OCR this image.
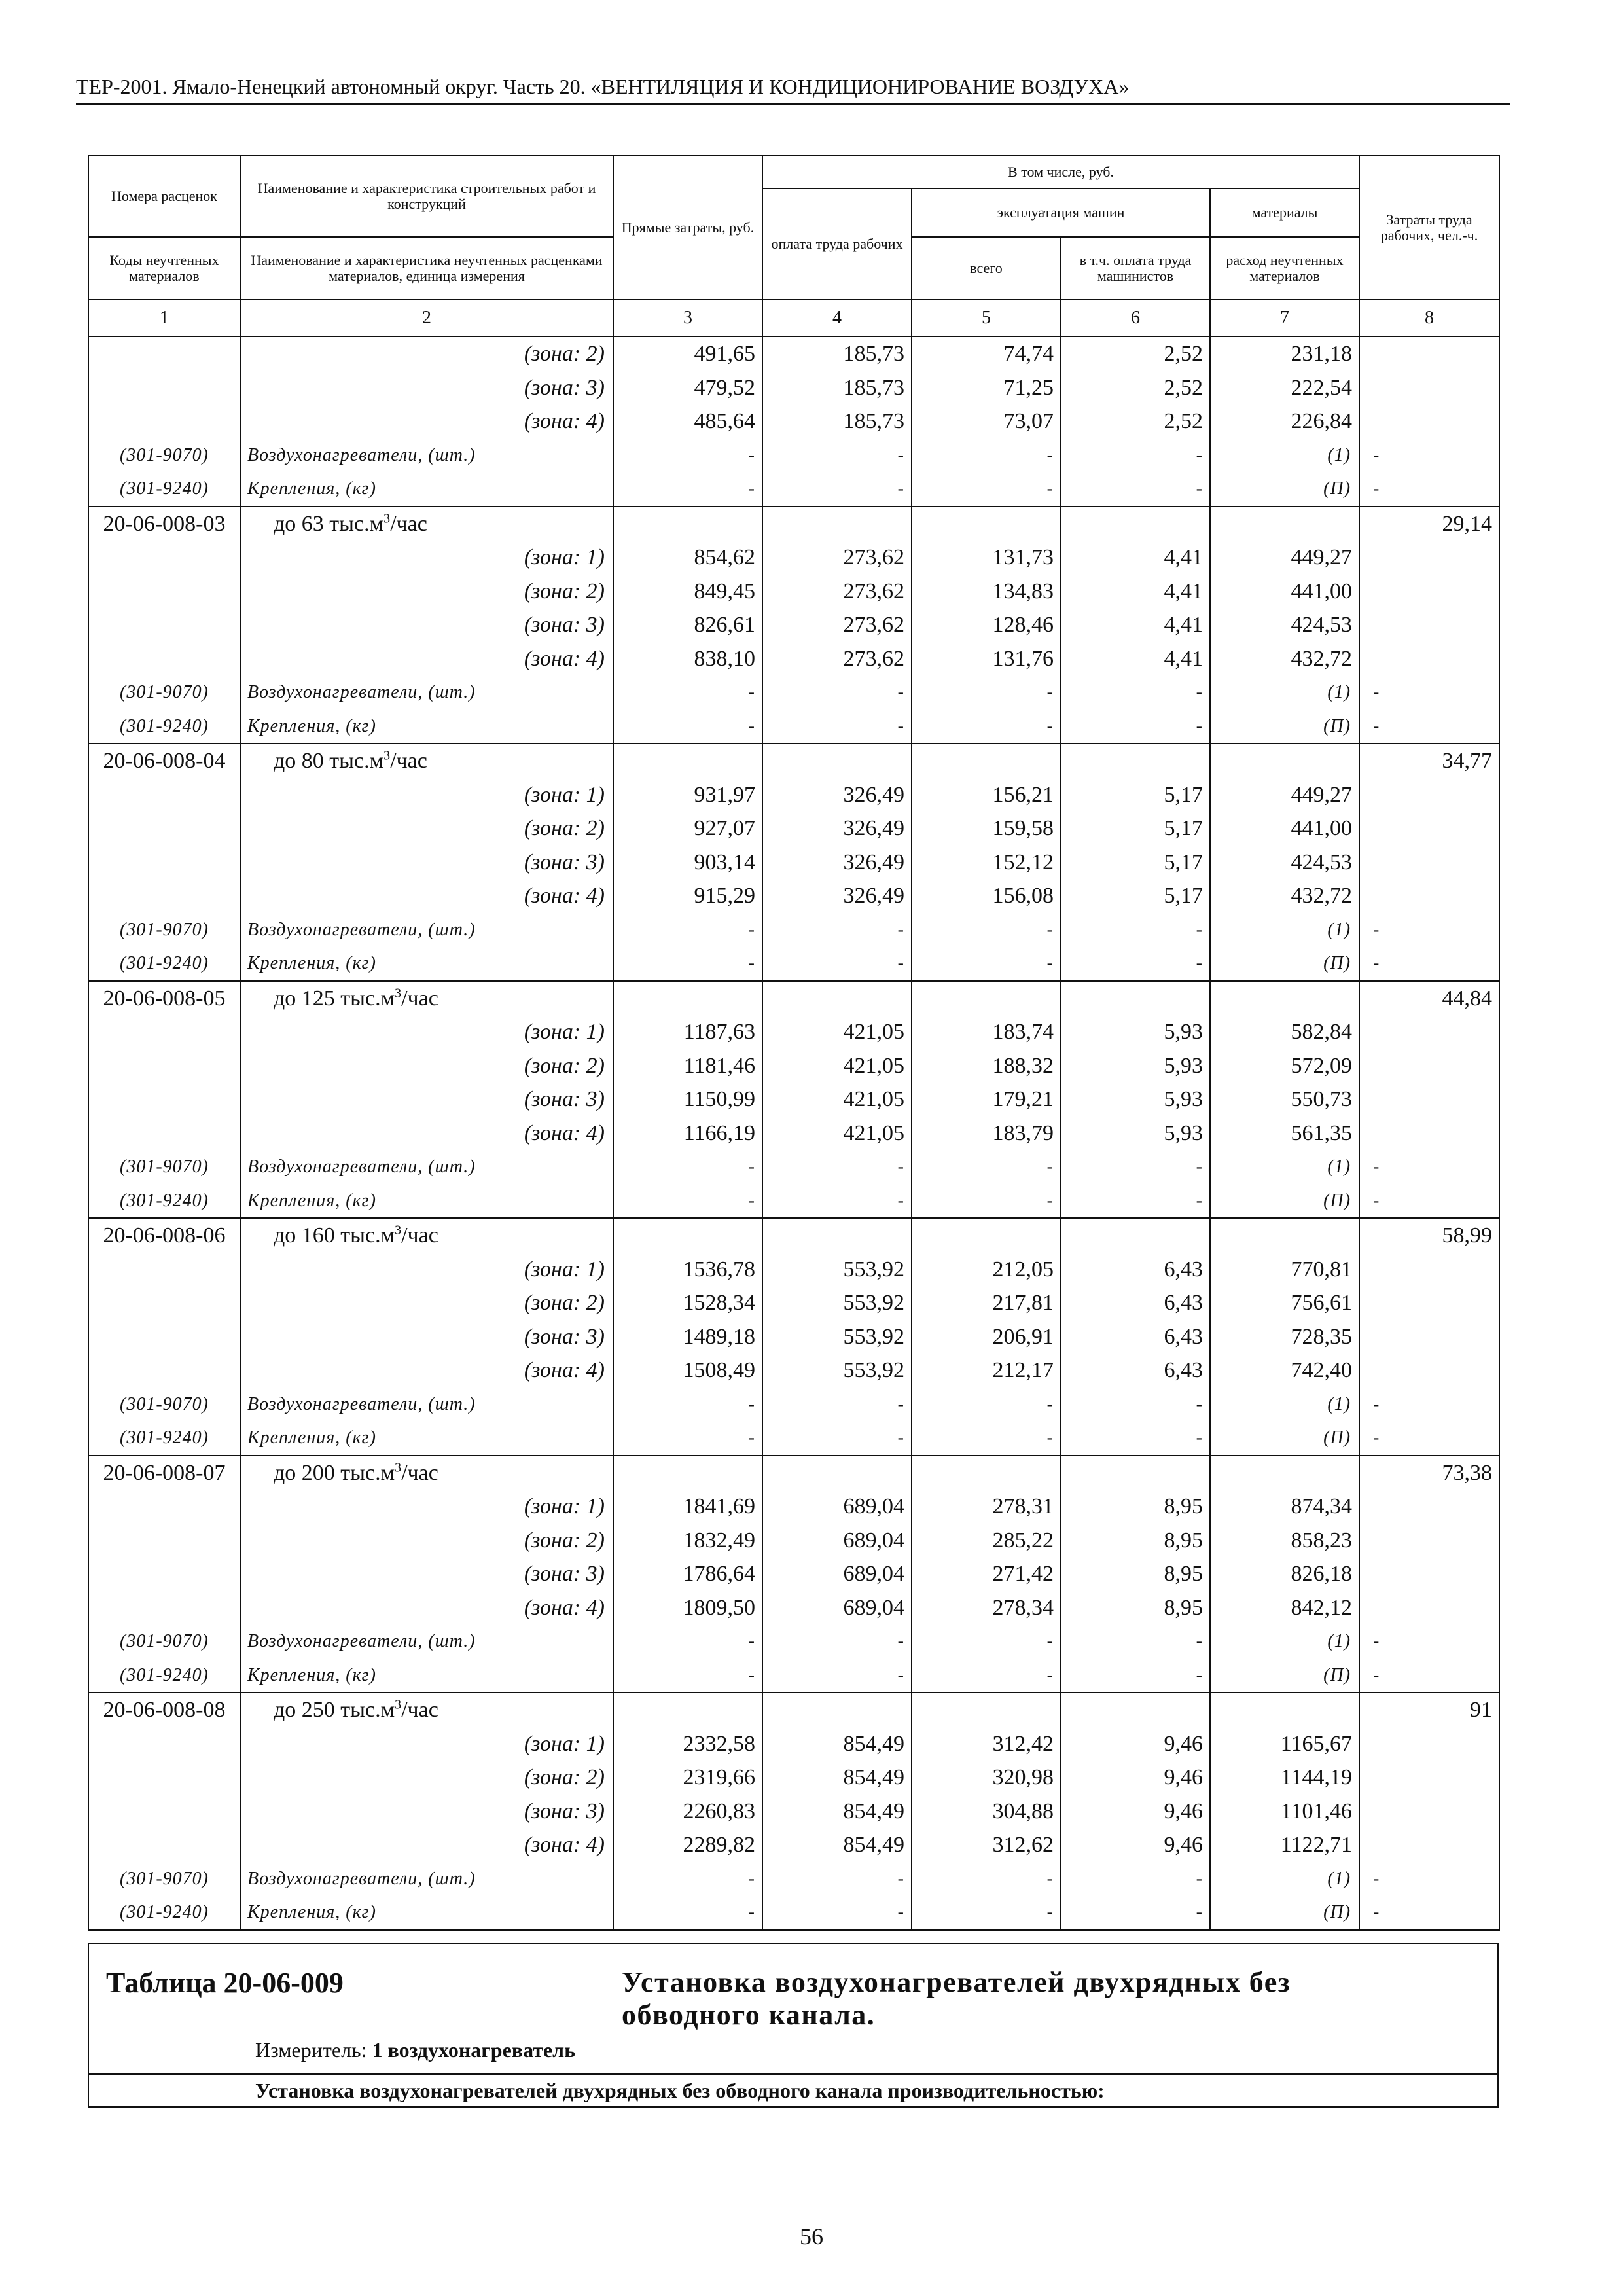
ТЕР-2001. Ямало-Ненецкий автономный округ. Часть 20. «ВЕНТИЛЯЦИЯ И КОНДИЦИОНИРОВАНИЕ ВОЗДУХА»
Номера расценок	Наименование и характеристика строительных работ и конструкций	Прямые затраты, руб.	В том числе, руб.				Затраты труда рабочих, чел.-ч.
			оплата труда рабочих	эксплуатация машин		материалы	
Коды неучтенных материалов	Наименование и характеристика неучтенных расценками материалов, единица измерения			всего	в т.ч. оплата труда машинистов	расход неучтенных материалов	
1	2	3	4	5	6	7	8
	(зона: 2)	491,65	185,73	74,74	2,52	231,18	
	(зона: 3)	479,52	185,73	71,25	2,52	222,54	
	(зона: 4)	485,64	185,73	73,07	2,52	226,84	
(301-9070)	Воздухонагреватели, (шт.)	-	-	-	-	(1)	-
(301-9240)	Крепления, (кг)	-	-	-	-	(П)	-
20-06-008-03	до 63 $тыс.м^3$/час						29,14
	(зона: 1)	854,62	273,62	131,73	4,41	449,27	
	(зона: 2)	849,45	273,62	134,83	4,41	441,00	
	(зона: 3)	826,61	273,62	128,46	4,41	424,53	
	(зона: 4)	838,10	273,62	131,76	4,41	432,72	
(301-9070)	Воздухонагреватели, (шт.)	-	-	-	-	(1)	-
(301-9240)	Крепления, (кг)	-	-	-	-	(П)	-
20-06-008-04	до 80 $тыс.м^3$/час						34,77
	(зона: 1)	931,97	326,49	156,21	5,17	449,27	
	(зона: 2)	927,07	326,49	159,58	5,17	441,00	
	(зона: 3)	903,14	326,49	152,12	5,17	424,53	
	(зона: 4)	915,29	326,49	156,08	5,17	432,72	
(301-9070)	Воздухонагреватели, (шт.)	-	-	-	-	(1)	-
(301-9240)	Крепления, (кг)	-	-	-	-	(П)	-
20-06-008-05	до 125 $тыс.м^3$/час						44,84
	(зона: 1)	1187,63	421,05	183,74	5,93	582,84	
	(зона: 2)	1181,46	421,05	188,32	5,93	572,09	
	(зона: 3)	1150,99	421,05	179,21	5,93	550,73	
	(зона: 4)	1166,19	421,05	183,79	5,93	561,35	
(301-9070)	Воздухонагреватели, (шт.)	-	-	-	-	(1)	-
(301-9240)	Крепления, (кг)	-	-	-	-	(П)	-
20-06-008-06	до 160 $тыс.м^3$/час						58,99
	(зона: 1)	1536,78	553,92	212,05	6,43	770,81	
	(зона: 2)	1528,34	553,92	217,81	6,43	756,61	
	(зона: 3)	1489,18	553,92	206,91	6,43	728,35	
	(зона: 4)	1508,49	553,92	212,17	6,43	742,40	
(301-9070)	Воздухонагреватели, (шт.)	-	-	-	-	(1)	-
(301-9240)	Крепления, (кг)	-	-	-	-	(П)	-
20-06-008-07	до 200 $тыс.м^3$/час						73,38
	(зона: 1)	1841,69	689,04	278,31	8,95	874,34	
	(зона: 2)	1832,49	689,04	285,22	8,95	858,23	
	(зона: 3)	1786,64	689,04	271,42	8,95	826,18	
	(зона: 4)	1809,50	689,04	278,34	8,95	842,12	
(301-9070)	Воздухонагреватели, (шт.)	-	-	-	-	(1)	-
(301-9240)	Крепления, (кг)	-	-	-	-	(П)	-
20-06-008-08	до 250 $тыс.м^3$/час						91
	(зона: 1)	2332,58	854,49	312,42	9,46	1165,67	
	(зона: 2)	2319,66	854,49	320,98	9,46	1144,19	
	(зона: 3)	2260,83	854,49	304,88	9,46	1101,46	
	(зона: 4)	2289,82	854,49	312,62	9,46	1122,71	
(301-9070)	Воздухонагреватели, (шт.)	-	-	-	-	(1)	-
(301-9240)	Крепления, (кг)	-	-	-	-	(П)	-
Таблица 20-06-009	Установка воздухонагревателей двухрядных без обводного канала.
Измеритель: 1 воздухонагреватель
Установка воздухонагревателей двухрядных без обводного канала производительностью:
56
